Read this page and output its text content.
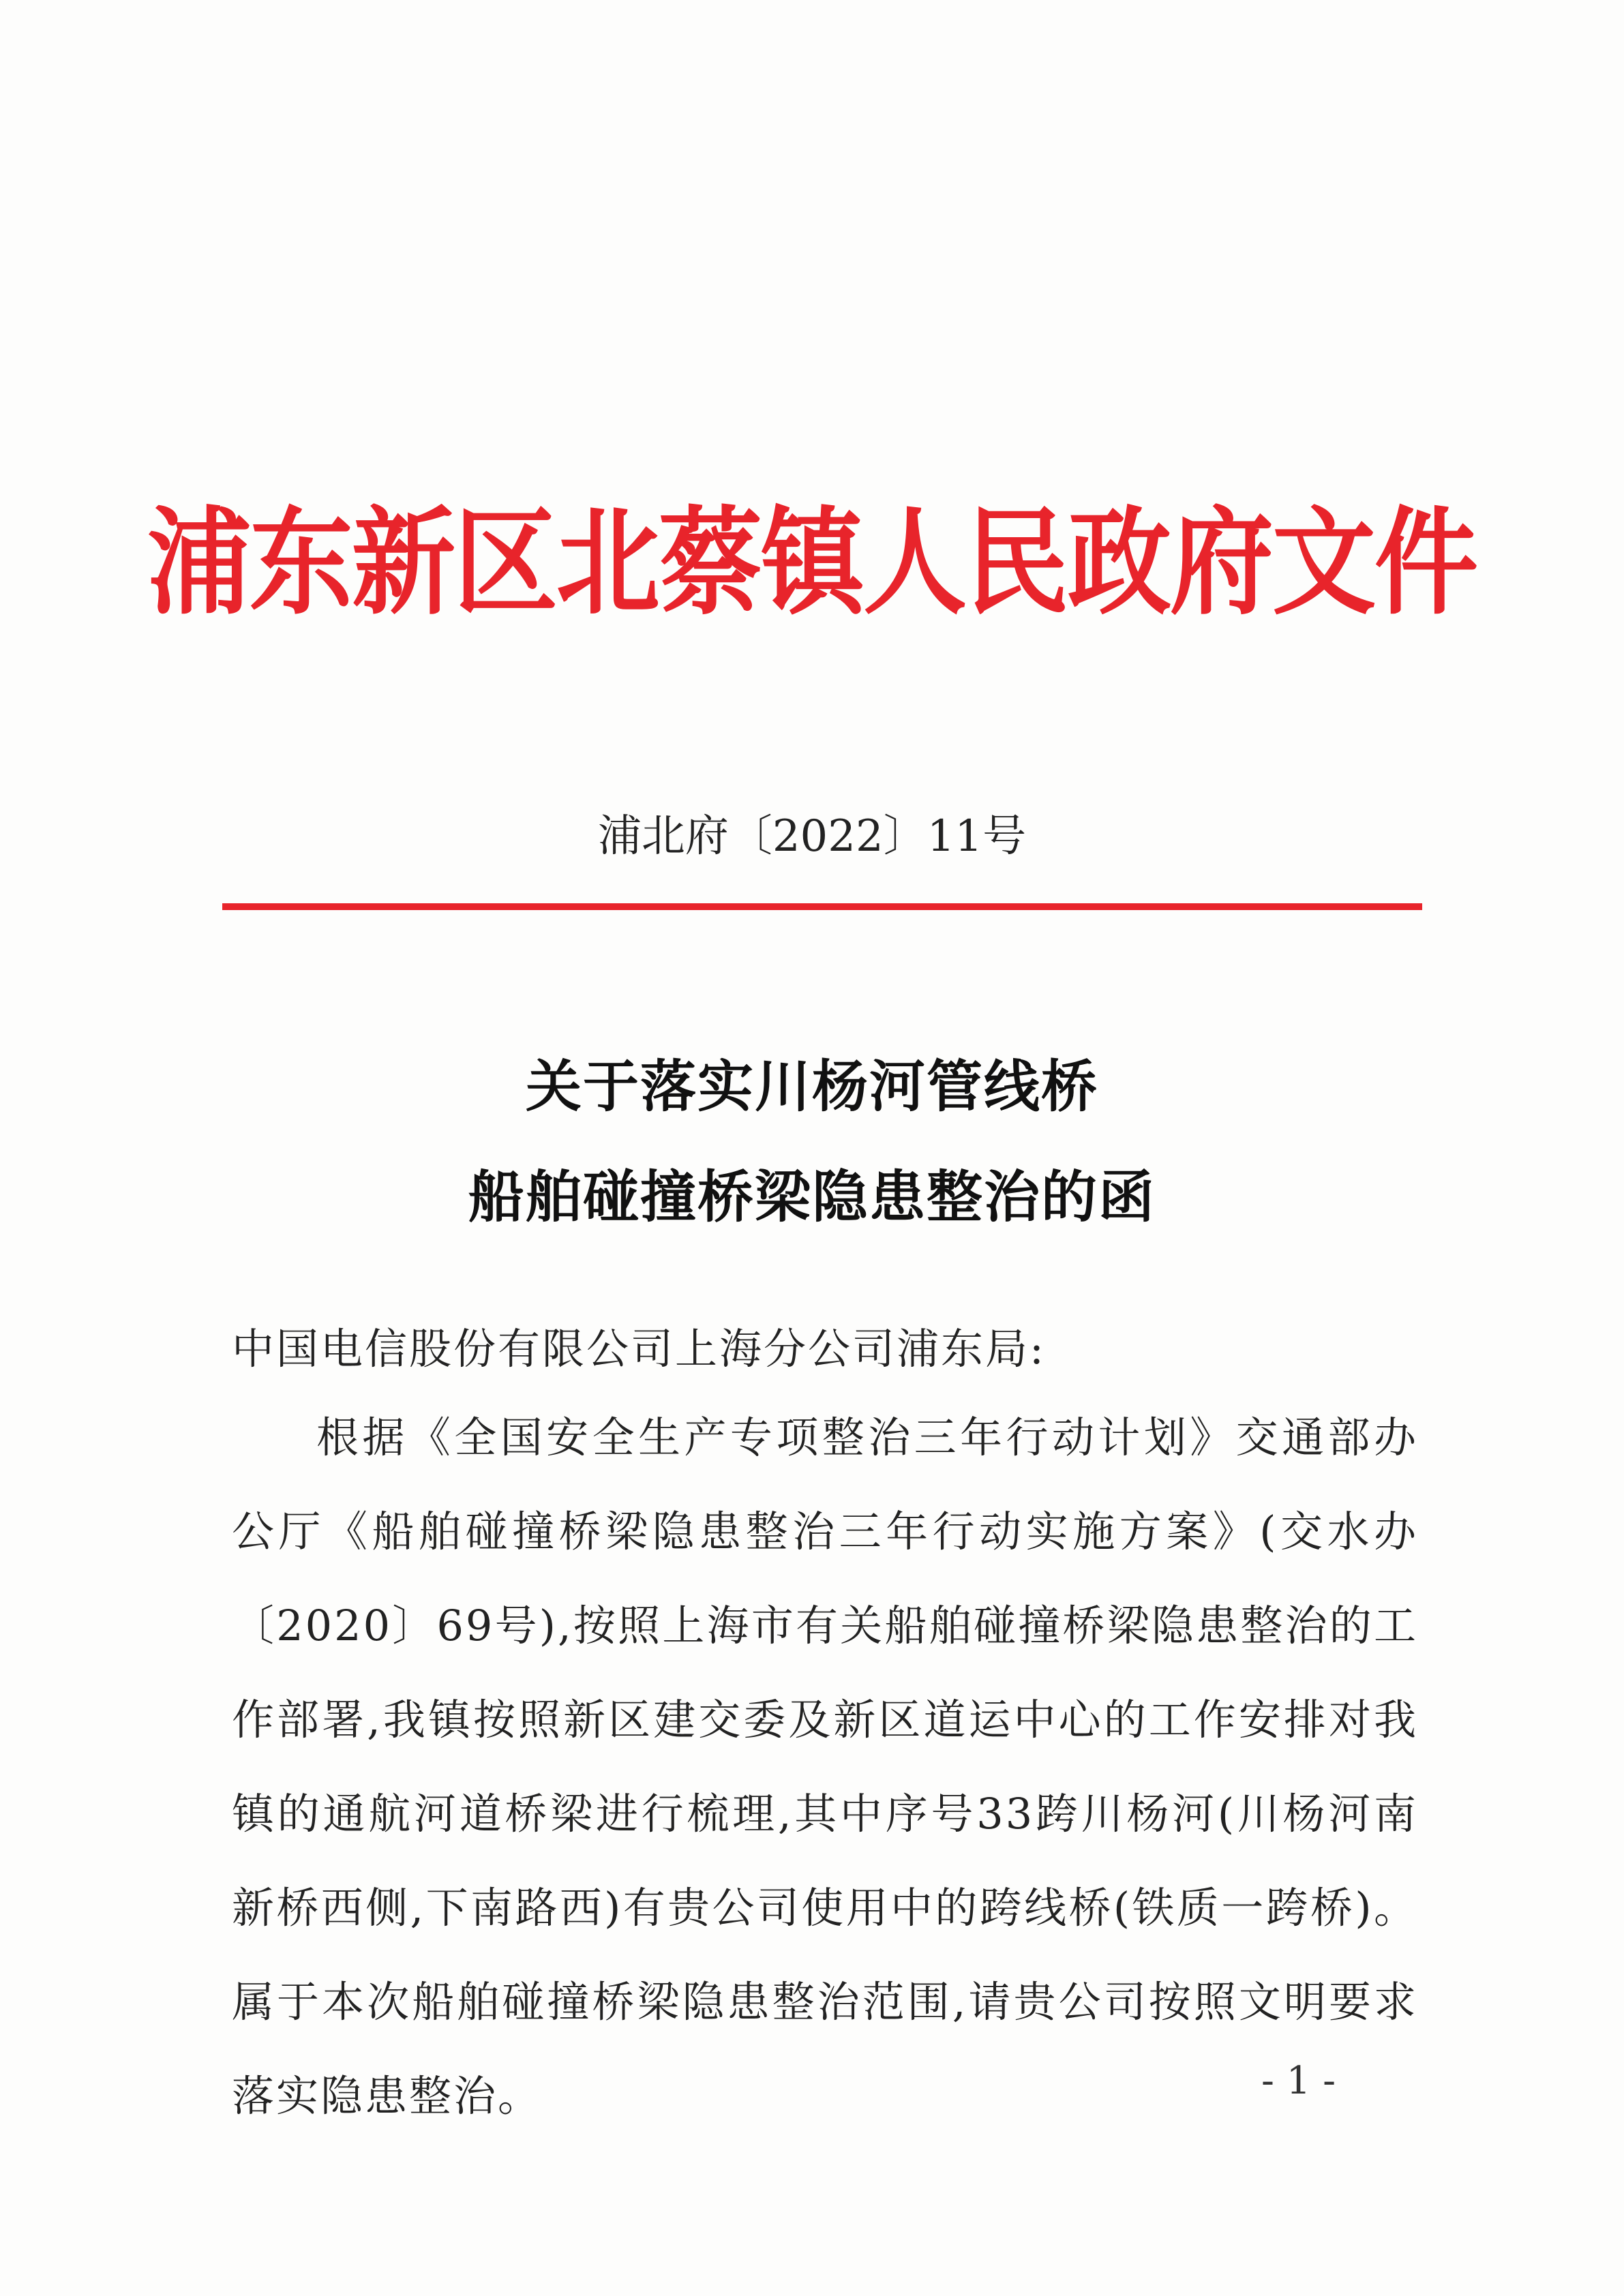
浦东新区北蔡镇人民政府文件
浦北府〔2022〕11号
关于落实川杨河管线桥
船舶碰撞桥梁隐患整治的函
中国电信股份有限公司上海分公司浦东局:
根据《全国安全生产专项整治三年行动计划》交通部办公厅《船舶碰撞桥梁隐患整治三年行动实施方案》(交水办〔2020〕69号),按照上海市有关船舶碰撞桥梁隐患整治的工作部署,我镇按照新区建交委及新区道运中心的工作安排对我镇的通航河道桥梁进行梳理,其中序号33跨川杨河(川杨河南新桥西侧,下南路西)有贵公司使用中的跨线桥(铁质一跨桥)。属于本次船舶碰撞桥梁隐患整治范围,请贵公司按照文明要求落实隐患整治。	- 1 -
